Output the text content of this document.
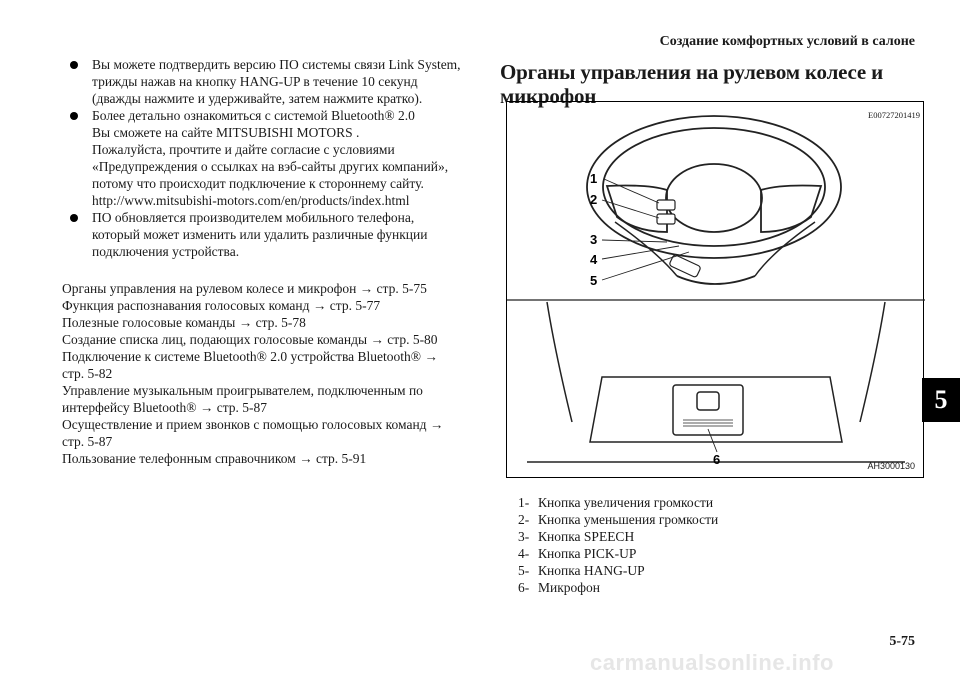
Создание комфортных условий в салоне
Вы можете подтвердить версию ПО системы связи Link System,
трижды нажав на кнопку HANG-UP в течение 10 секунд
(дважды нажмите и удерживайте, затем нажмите кратко).
Более детально ознакомиться с системой Bluetooth® 2.0
Вы сможете на сайте MITSUBISHI MOTORS .
Пожалуйста, прочтите и дайте согласие с условиями
«Предупреждения о ссылках на вэб-сайты других компаний»,
потому что происходит подключение к стороннему сайту.
http://www.mitsubishi-motors.com/en/products/index.html
ПО обновляется производителем мобильного телефона,
который может изменить или удалить различные функции
подключения устройства.
Органы управления на рулевом колесе и микрофон → стр. 5-75
Функция распознавания голосовых команд → стр. 5-77
Полезные голосовые команды → стр. 5-78
Создание списка лиц, подающих голосовые команды → стр. 5-80
Подключение к системе Bluetooth® 2.0 устройства Bluetooth® →
стр. 5-82
Управление музыкальным проигрывателем, подключенным по
интерфейсу Bluetooth® → стр. 5-87
Осуществление и прием звонков с помощью голосовых команд →
стр. 5-87
Пользование телефонным справочником → стр. 5-91
Органы управления на рулевом колесе и микрофон
E00727201419
1
2
3
4
5
6	AH3000130
1- Кнопка увеличения громкости
2- Кнопка уменьшения громкости
3- Кнопка SPEECH
4- Кнопка PICK-UP
5- Кнопка HANG-UP
6- Микрофон
5
5-75
carmanualsonline.info
